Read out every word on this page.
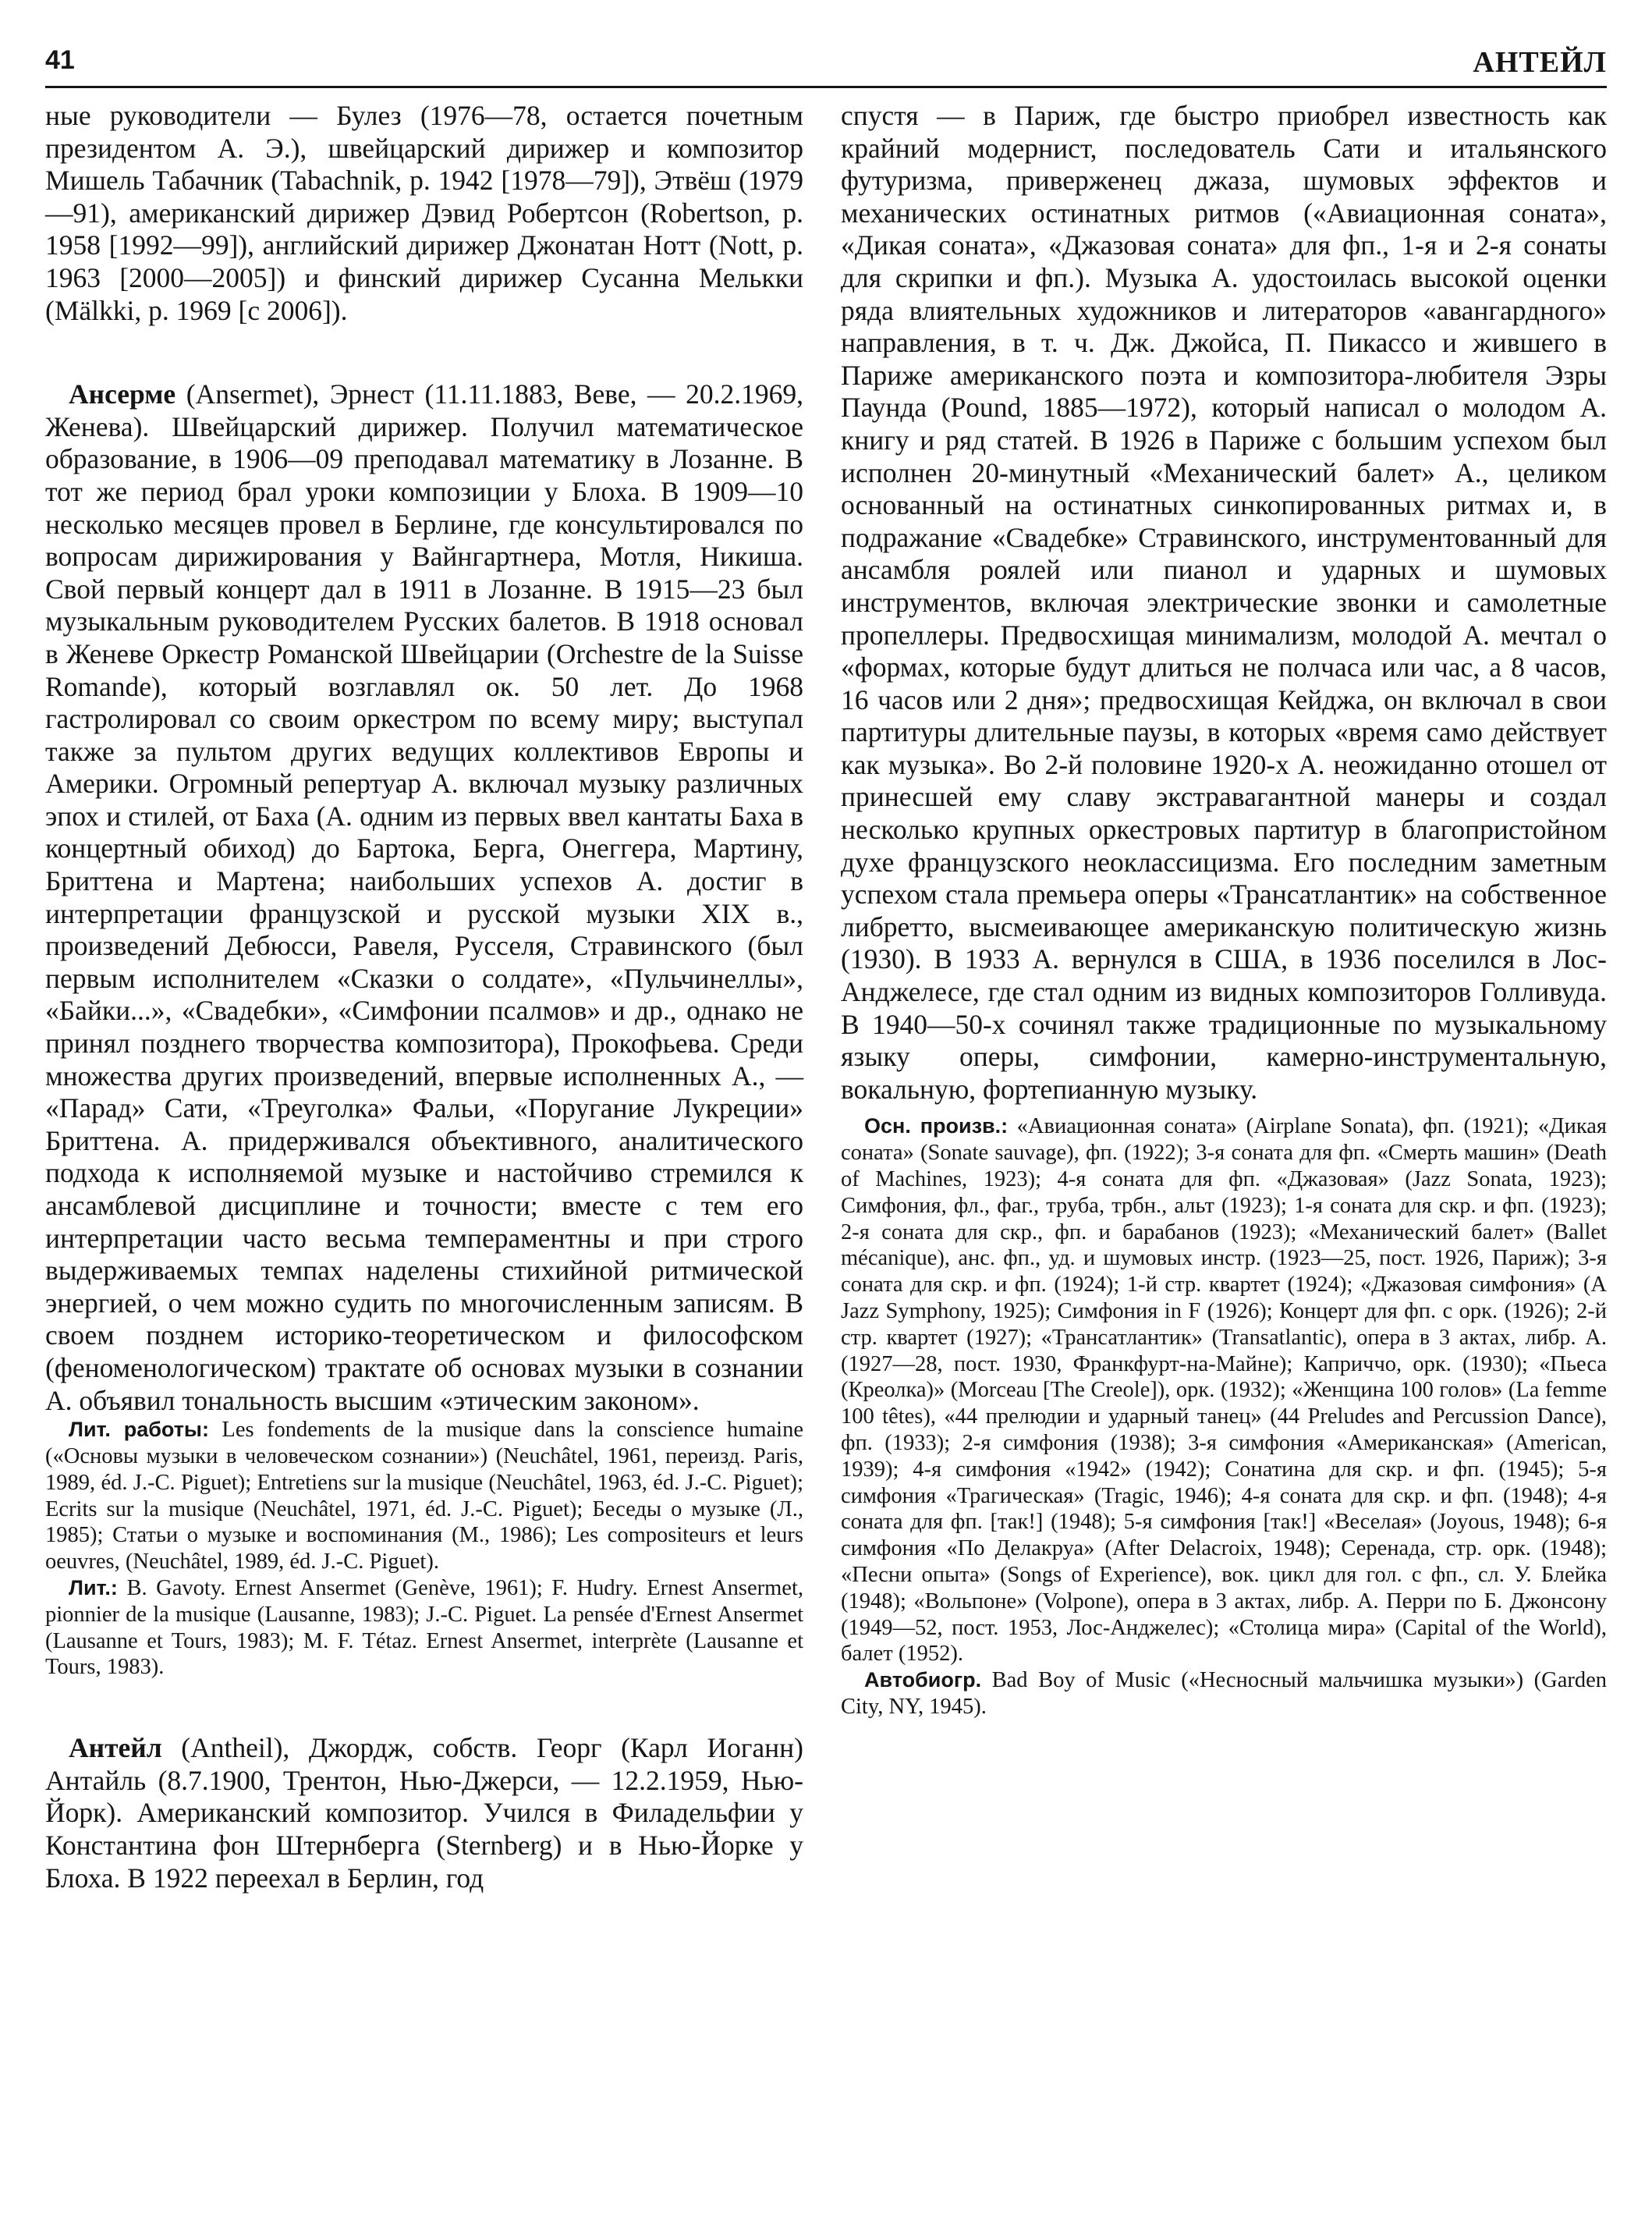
41	АНТЕЙЛ

ные руководители — Булез (1976—78, остается почетным президентом А. Э.), швейцарский дирижер и композитор Мишель Табачник (Tabachnik, р. 1942 [1978—79]), Этвёш (1979—91), американский дирижер Дэвид Робертсон (Robertson, р. 1958 [1992—99]), английский дирижер Джонатан Нотт (Nott, р. 1963 [2000—2005]) и финский дирижер Сусанна Мелькки (Mälkki, р. 1969 [с 2006]).

Ансерме (Ansermet), Эрнест (11.11.1883, Веве, — 20.2.1969, Женева). Швейцарский дирижер. Получил математическое образование, в 1906—09 преподавал математику в Лозанне. В тот же период брал уроки композиции у Блоха. В 1909—10 несколько месяцев провел в Берлине, где консультировался по вопросам дирижирования у Вайнгартнера, Мотля, Никиша. Свой первый концерт дал в 1911 в Лозанне. В 1915—23 был музыкальным руководителем Русских балетов. В 1918 основал в Женеве Оркестр Романской Швейцарии (Orchestre de la Suisse Romande), который возглавлял ок. 50 лет. До 1968 гастролировал со своим оркестром по всему миру; выступал также за пультом других ведущих коллективов Европы и Америки. Огромный репертуар А. включал музыку различных эпох и стилей, от Баха (А. одним из первых ввел кантаты Баха в концертный обиход) до Бартока, Берга, Онеггера, Мартину, Бриттена и Мартена; наибольших успехов А. достиг в интерпретации французской и русской музыки XIX в., произведений Дебюсси, Равеля, Русселя, Стравинского (был первым исполнителем «Сказки о солдате», «Пульчинеллы», «Байки...», «Свадебки», «Симфонии псалмов» и др., однако не принял позднего творчества композитора), Прокофьева. Среди множества других произведений, впервые исполненных А., — «Парад» Сати, «Треуголка» Фальи, «Поругание Лукреции» Бриттена. А. придерживался объективного, аналитического подхода к исполняемой музыке и настойчиво стремился к ансамблевой дисциплине и точности; вместе с тем его интерпретации часто весьма темпераментны и при строго выдерживаемых темпах наделены стихийной ритмической энергией, о чем можно судить по многочисленным записям. В своем позднем историко-теоретическом и философском (феноменологическом) трактате об основах музыки в сознании А. объявил тональность высшим «этическим законом».
Лит. работы: Les fondements de la musique dans la conscience humaine («Основы музыки в человеческом сознании») (Neuchâtel, 1961, переизд. Paris, 1989, éd. J.-C. Piguet); Entretiens sur la musique (Neuchâtel, 1963, éd. J.-C. Piguet); Ecrits sur la musique (Neuchâtel, 1971, éd. J.-C. Piguet); Беседы о музыке (Л., 1985); Статьи о музыке и воспоминания (М., 1986); Les compositeurs et leurs oeuvres, (Neuchâtel, 1989, éd. J.-C. Piguet).
Лит.: B. Gavoty. Ernest Ansermet (Genève, 1961); F. Hudry. Ernest Ansermet, pionnier de la musique (Lausanne, 1983); J.-C. Piguet. La pensée d'Ernest Ansermet (Lausanne et Tours, 1983); M. F. Tétaz. Ernest Ansermet, interprète (Lausanne et Tours, 1983).
Антейл (Antheil), Джордж, собств. Георг (Карл Иоганн) Антайль (8.7.1900, Трентон, Нью-Джерси, — 12.2.1959, Нью-Йорк). Американский композитор. Учился в Филадельфии у Константина фон Штернберга (Sternberg) и в Нью-Йорке у Блоха. В 1922 переехал в Берлин, год

спустя — в Париж, где быстро приобрел известность как крайний модернист, последователь Сати и итальянского футуризма, приверженец джаза, шумовых эффектов и механических остинатных ритмов («Авиационная соната», «Дикая соната», «Джазовая соната» для фп., 1-я и 2-я сонаты для скрипки и фп.). Музыка А. удостоилась высокой оценки ряда влиятельных художников и литераторов «авангардного» направления, в т. ч. Дж. Джойса, П. Пикассо и жившего в Париже американского поэта и композитора-любителя Эзры Паунда (Pound, 1885—1972), который написал о молодом А. книгу и ряд статей. В 1926 в Париже с большим успехом был исполнен 20-минутный «Механический балет» А., целиком основанный на остинатных синкопированных ритмах и, в подражание «Свадебке» Стравинского, инструментованный для ансамбля роялей или пианол и ударных и шумовых инструментов, включая электрические звонки и самолетные пропеллеры. Предвосхищая минимализм, молодой А. мечтал о «формах, которые будут длиться не полчаса или час, а 8 часов, 16 часов или 2 дня»; предвосхищая Кейджа, он включал в свои партитуры длительные паузы, в которых «время само действует как музыка». Во 2-й половине 1920-х А. неожиданно отошел от принесшей ему славу экстравагантной манеры и создал несколько крупных оркестровых партитур в благопристойном духе французского неоклассицизма. Его последним заметным успехом стала премьера оперы «Трансатлантик» на собственное либретто, высмеивающее американскую политическую жизнь (1930). В 1933 А. вернулся в США, в 1936 поселился в Лос-Анджелесе, где стал одним из видных композиторов Голливуда. В 1940—50-х сочинял также традиционные по музыкальному языку оперы, симфонии, камерно-инструментальную, вокальную, фортепианную музыку.

Осн. произв.: «Авиационная соната» (Airplane Sonata), фп. (1921); «Дикая соната» (Sonate sauvage), фп. (1922); 3-я соната для фп. «Смерть машин» (Death of Machines, 1923); 4-я соната для фп. «Джазовая» (Jazz Sonata, 1923); Симфония, фл., фаг., труба, трбн., альт (1923); 1-я соната для скр. и фп. (1923); 2-я соната для скр., фп. и барабанов (1923); «Механический балет» (Ballet mécanique), анс. фп., уд. и шумовых инстр. (1923—25, пост. 1926, Париж); 3-я соната для скр. и фп. (1924); 1-й стр. квартет (1924); «Джазовая симфония» (A Jazz Symphony, 1925); Симфония in F (1926); Концерт для фп. с орк. (1926); 2-й стр. квартет (1927); «Трансатлантик» (Transatlantic), опера в 3 актах, либр. А. (1927—28, пост. 1930, Франкфурт-на-Майне); Каприччо, орк. (1930); «Пьеса (Креолка)» (Morceau [The Creole]), орк. (1932); «Женщина 100 голов» (La femme 100 têtes), «44 прелюдии и ударный танец» (44 Preludes and Percussion Dance), фп. (1933); 2-я симфония (1938); 3-я симфония «Американская» (American, 1939); 4-я симфония «1942» (1942); Сонатина для скр. и фп. (1945); 5-я симфония «Трагическая» (Tragic, 1946); 4-я соната для скр. и фп. (1948); 4-я соната для фп. [так!] (1948); 5-я симфония [так!] «Веселая» (Joyous, 1948); 6-я симфония «По Делакруа» (After Delacroix, 1948); Серенада, стр. орк. (1948); «Песни опыта» (Songs of Experience), вок. цикл для гол. с фп., сл. У. Блейка (1948); «Вольпоне» (Volpone), опера в 3 актах, либр. А. Перри по Б. Джонсону (1949—52, пост. 1953, Лос-Анджелес); «Столица мира» (Capital of the World), балет (1952).
Автобиогр. Bad Boy of Music («Несносный мальчишка музыки») (Garden City, NY, 1945).
